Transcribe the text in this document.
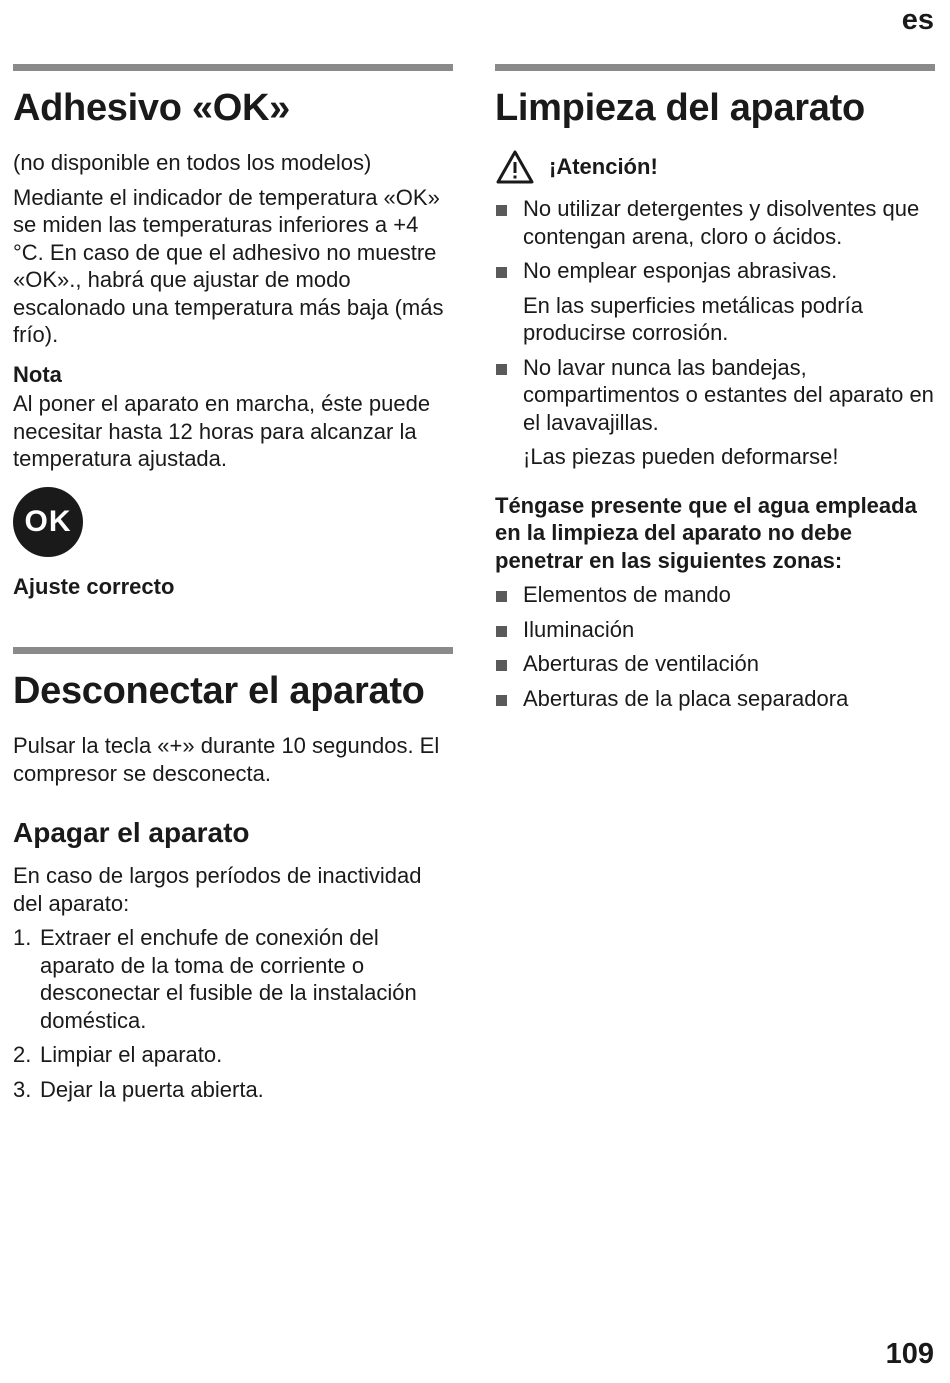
es
Adhesivo «OK»

(no disponible en todos los modelos)

Mediante el indicador de temperatura «OK» se miden las temperaturas inferiores a +4 °C. En caso de que el adhesivo no muestre «OK»., habrá que ajustar de modo escalonado una temperatura más baja (más frío).

Nota

Al poner el aparato en marcha, éste puede necesitar hasta 12 horas para alcanzar la temperatura ajustada.

OK

Ajuste correcto

Desconectar el aparato

Pulsar la tecla «+» durante 10 segundos. El compresor se desconecta.

Apagar el aparato

En caso de largos períodos de inactividad del aparato:

1. Extraer el enchufe de conexión del aparato de la toma de corriente o desconectar el fusible de la instalación doméstica.
2. Limpiar el aparato.
3. Dejar la puerta abierta.
Limpieza del aparato
¡Atención!
No utilizar detergentes y disolventes que contengan arena, cloro o ácidos.
No emplear esponjas abrasivas.
En las superficies metálicas podría producirse corrosión.
No lavar nunca las bandejas, compartimentos o estantes del aparato en el lavavajillas.
¡Las piezas pueden deformarse!

Téngase presente que el agua empleada en la limpieza del aparato no debe penetrar en las siguientes zonas:

Elementos de mando
Iluminación
Aberturas de ventilación
Aberturas de la placa separadora
109
